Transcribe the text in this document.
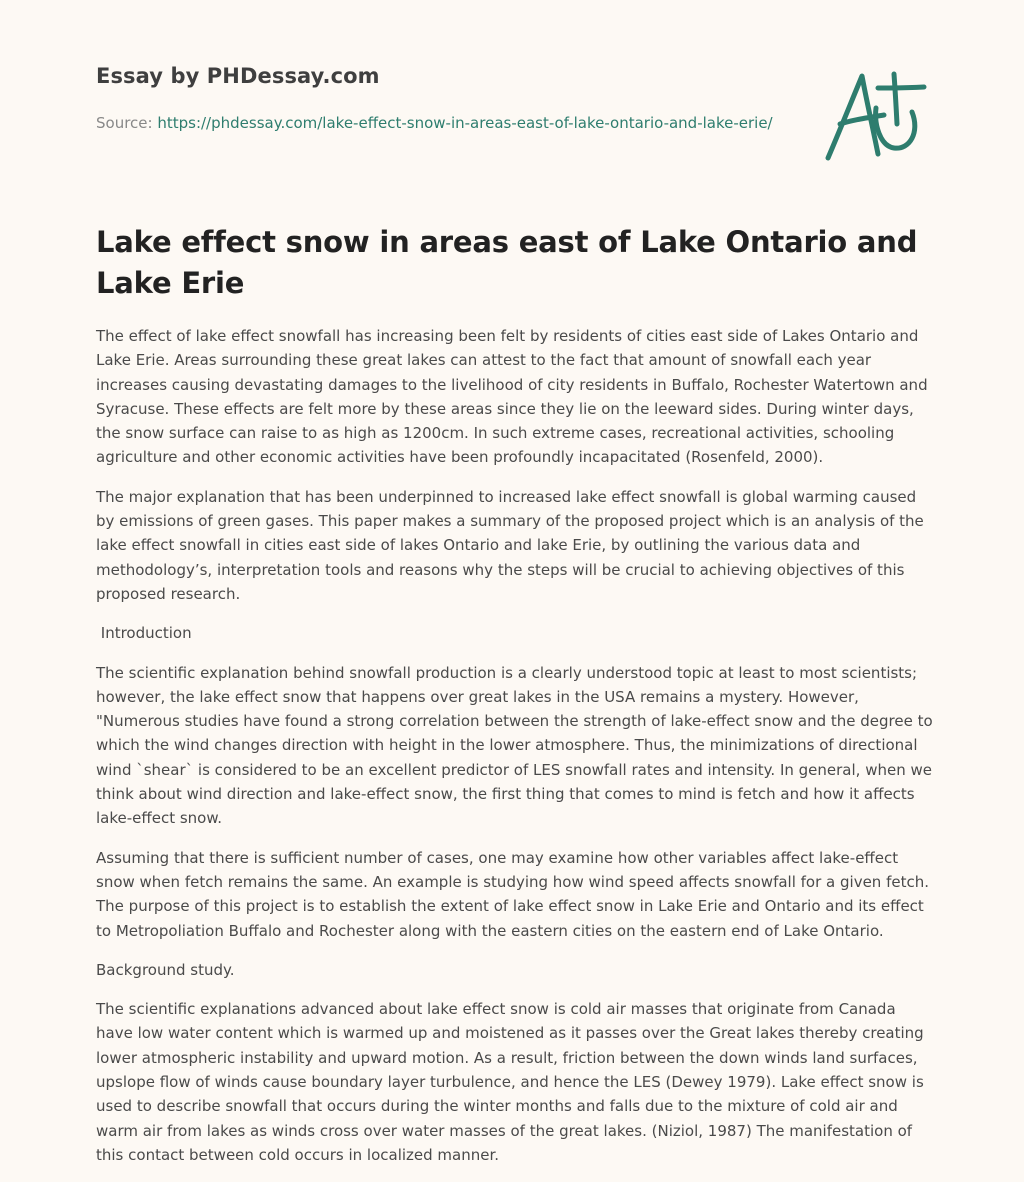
Essay by PHDessay.com
Source: https://phdessay.com/lake-effect-snow-in-areas-east-of-lake-ontario-and-lake-erie/
Lake effect snow in areas east of Lake Ontario and Lake Erie

The effect of lake effect snowfall has increasing been felt by residents of cities east side of Lakes Ontario and Lake Erie. Areas surrounding these great lakes can attest to the fact that amount of snowfall each year increases causing devastating damages to the livelihood of city residents in Buffalo, Rochester Watertown and Syracuse. These effects are felt more by these areas since they lie on the leeward sides. During winter days, the snow surface can raise to as high as 1200cm. In such extreme cases, recreational activities, schooling agriculture and other economic activities have been profoundly incapacitated (Rosenfeld, 2000).

The major explanation that has been underpinned to increased lake effect snowfall is global warming caused by emissions of green gases. This paper makes a summary of the proposed project which is an analysis of the lake effect snowfall in cities east side of lakes Ontario and lake Erie, by outlining the various data and methodology’s, interpretation tools and reasons why the steps will be crucial to achieving objectives of this proposed research.

Introduction

The scientific explanation behind snowfall production is a clearly understood topic at least to most scientists; however, the lake effect snow that happens over great lakes in the USA remains a mystery. However, "Numerous studies have found a strong correlation between the strength of lake-effect snow and the degree to which the wind changes direction with height in the lower atmosphere. Thus, the minimizations of directional wind `shear` is considered to be an excellent predictor of LES snowfall rates and intensity. In general, when we think about wind direction and lake-effect snow, the first thing that comes to mind is fetch and how it affects lake-effect snow.

Assuming that there is sufficient number of cases, one may examine how other variables affect lake-effect snow when fetch remains the same. An example is studying how wind speed affects snowfall for a given fetch. The purpose of this project is to establish the extent of lake effect snow in Lake Erie and Ontario and its effect to Metropoliation Buffalo and Rochester along with the eastern cities on the eastern end of Lake Ontario.

Background study.

The scientific explanations advanced about lake effect snow is cold air masses that originate from Canada have low water content which is warmed up and moistened as it passes over the Great lakes thereby creating lower atmospheric instability and upward motion. As a result, friction between the down winds land surfaces, upslope flow of winds cause boundary layer turbulence, and hence the LES (Dewey 1979). Lake effect snow is used to describe snowfall that occurs during the winter months and falls due to the mixture of cold air and warm air from lakes as winds cross over water masses of the great lakes. (Niziol, 1987) The manifestation of this contact between cold occurs in localized manner.
